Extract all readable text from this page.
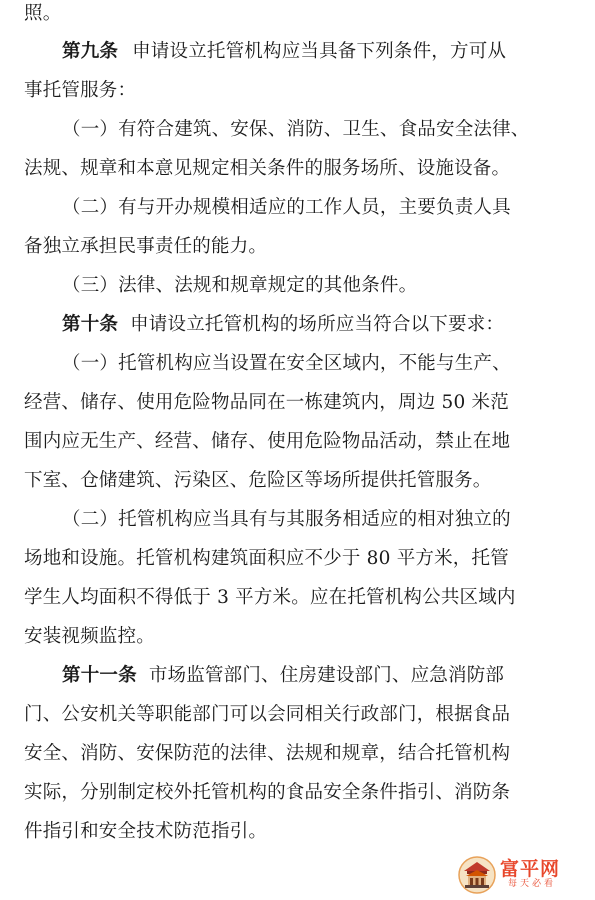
照。
第九条 申请设立托管机构应当具备下列条件，方可从
事托管服务：
（一）有符合建筑、安保、消防、卫生、食品安全法律、
法规、规章和本意见规定相关条件的服务场所、设施设备。
（二）有与开办规模相适应的工作人员，主要负责人具
备独立承担民事责任的能力。
（三）法律、法规和规章规定的其他条件。
第十条 申请设立托管机构的场所应当符合以下要求：
（一）托管机构应当设置在安全区域内，不能与生产、
经营、储存、使用危险物品同在一栋建筑内，周边 50 米范
围内应无生产、经营、储存、使用危险物品活动，禁止在地
下室、仓储建筑、污染区、危险区等场所提供托管服务。
（二）托管机构应当具有与其服务相适应的相对独立的
场地和设施。托管机构建筑面积应不少于 80 平方米，托管
学生人均面积不得低于 3 平方米。应在托管机构公共区域内
安装视频监控。
第十一条 市场监管部门、住房建设部门、应急消防部
门、公安机关等职能部门可以会同相关行政部门，根据食品
安全、消防、安保防范的法律、法规和规章，结合托管机构
实际，分别制定校外托管机构的食品安全条件指引、消防条
件指引和安全技术防范指引。
富平网
每天必看
